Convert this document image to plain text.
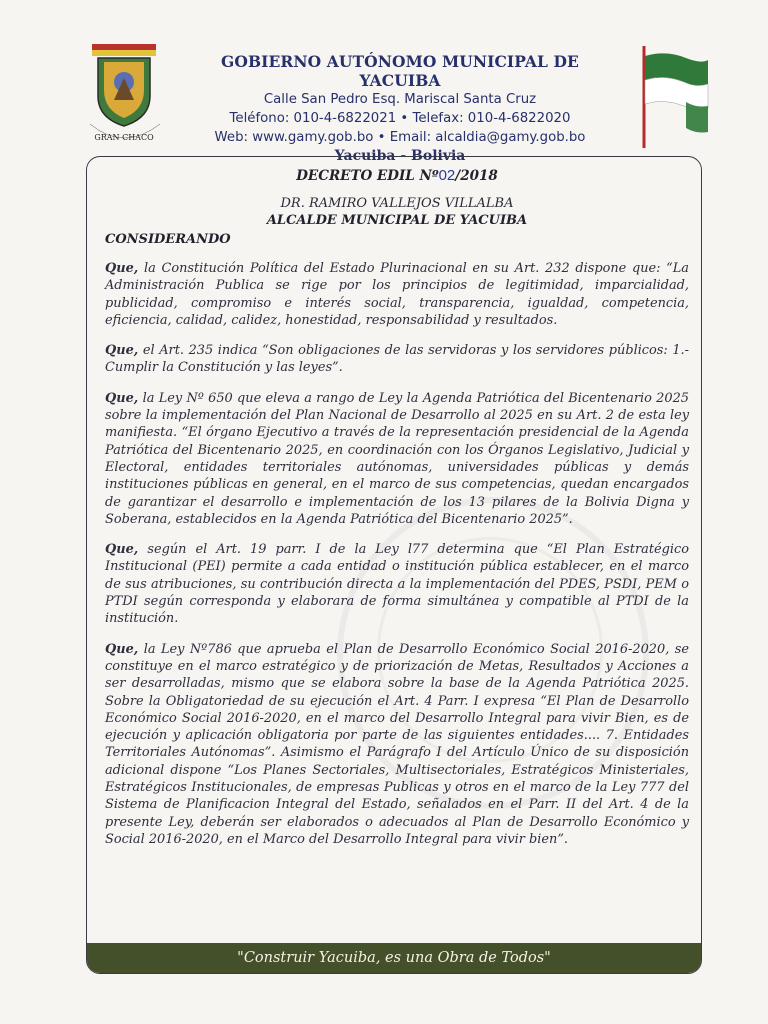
GRAN CHACO
GOBIERNO AUTÓNOMO MUNICIPAL DE YACUIBA
Calle San Pedro Esq. Mariscal Santa Cruz
Teléfono: 010-4-6822021 • Telefax: 010-4-6822020
Web: www.gamy.gob.bo • Email: alcaldia@gamy.gob.bo
Yacuiba - Bolivia
DECRETO EDIL Nº02/2018
DR. RAMIRO VALLEJOS VILLALBA
ALCALDE MUNICIPAL DE YACUIBA
CONSIDERANDO

Que, la Constitución Política del Estado Plurinacional en su Art. 232 dispone que: “La Administración Publica se rige por los principios de legitimidad, imparcialidad, publicidad, compromiso e interés social, transparencia, igualdad, competencia, eficiencia, calidad, calidez, honestidad, responsabilidad y resultados.

Que, el Art. 235 indica “Son obligaciones de las servidoras y los servidores públicos: 1.- Cumplir la Constitución y las leyes”.

Que, la Ley Nº 650 que eleva a rango de Ley la Agenda Patriótica del Bicentenario 2025 sobre la implementación del Plan Nacional de Desarrollo al 2025 en su Art. 2 de esta ley manifiesta. “El órgano Ejecutivo a través de la representación presidencial de la Agenda Patriótica del Bicentenario 2025, en coordinación con los Órganos Legislativo, Judicial y Electoral, entidades territoriales autónomas, universidades públicas y demás instituciones públicas en general, en el marco de sus competencias, quedan encargados de garantizar el desarrollo e implementación de los 13 pilares de la Bolivia Digna y Soberana, establecidos en la Agenda Patriótica del Bicentenario 2025”.

Que, según el Art. 19 parr. I de la Ley l77 determina que “El Plan Estratégico Institucional (PEI) permite a cada entidad o institución pública establecer, en el marco de sus atribuciones, su contribución directa a la implementación del PDES, PSDI, PEM o PTDI según corresponda y elaborara de forma simultánea y compatible al PTDI de la institución.

Que, la Ley Nº786 que aprueba el Plan de Desarrollo Económico Social 2016-2020, se constituye en el marco estratégico y de priorización de Metas, Resultados y Acciones a ser desarrolladas, mismo que se elabora sobre la base de la Agenda Patriótica 2025. Sobre la Obligatoriedad de su ejecución el Art. 4 Parr. I expresa “El Plan de Desarrollo Económico Social 2016-2020, en el marco del Desarrollo Integral para vivir Bien, es de ejecución y aplicación obligatoria por parte de las siguientes entidades.... 7. Entidades Territoriales Autónomas”. Asimismo el Parágrafo I del Artículo Único de su disposición adicional dispone “Los Planes Sectoriales, Multisectoriales, Estratégicos Ministeriales, Estratégicos Institucionales, de empresas Publicas y otros en el marco de la Ley 777 del Sistema de Planificacion Integral del Estado, señalados en el Parr. II del Art. 4 de la presente Ley, deberán ser elaborados o adecuados al Plan de Desarrollo Económico y Social 2016-2020, en el Marco del Desarrollo Integral para vivir bien”.

"Construir Yacuiba, es una Obra de Todos"
